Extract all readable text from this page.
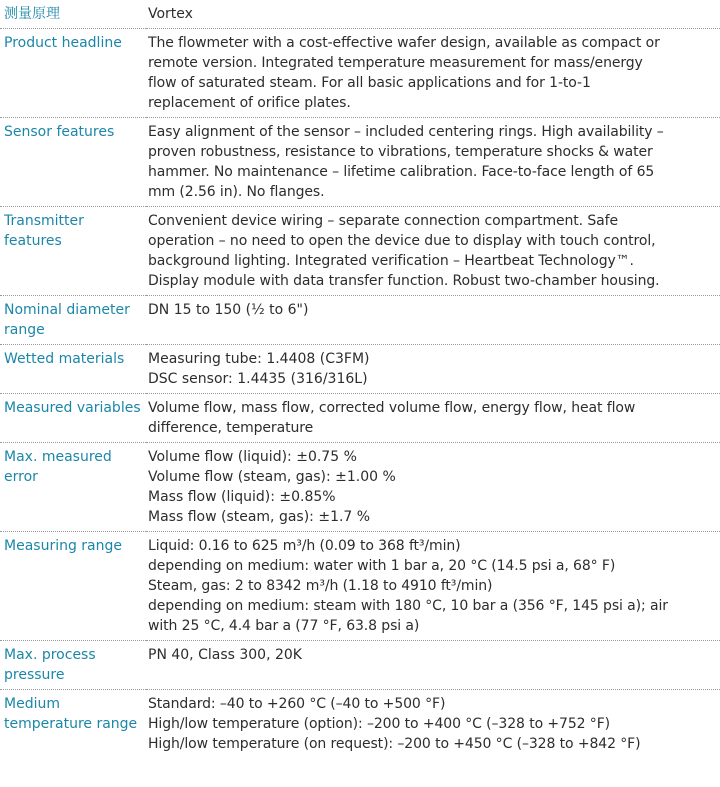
测量原理	Vortex

Product headline	The flowmeter with a cost-effective wafer design, available as compact or
remote version. Integrated temperature measurement for mass/energy
flow of saturated steam. For all basic applications and for 1-to-1
replacement of orifice plates.

Sensor features	Easy alignment of the sensor – included centering rings. High availability –
proven robustness, resistance to vibrations, temperature shocks & water
hammer. No maintenance – lifetime calibration. Face-to-face length of 65
mm (2.56 in). No flanges.

Transmitter features	Convenient device wiring – separate connection compartment. Safe
operation – no need to open the device due to display with touch control,
background lighting. Integrated verification – Heartbeat Technology™.
Display module with data transfer function. Robust two-chamber housing.

Nominal diameter range	DN 15 to 150 (½ to 6")

Wetted materials	Measuring tube: 1.4408 (C3FM)
DSC sensor: 1.4435 (316/316L)

Measured variables	Volume flow, mass flow, corrected volume flow, energy flow, heat flow
difference, temperature

Max. measured error	Volume flow (liquid): ±0.75 %
Volume flow (steam, gas): ±1.00 %
Mass flow (liquid): ±0.85%
Mass flow (steam, gas): ±1.7 %

Measuring range	Liquid: 0.16 to 625 m³/h (0.09 to 368 ft³/min)
depending on medium: water with 1 bar a, 20 °C (14.5 psi a, 68° F)
Steam, gas: 2 to 8342 m³/h (1.18 to 4910 ft³/min)
depending on medium: steam with 180 °C, 10 bar a (356 °F, 145 psi a); air
with 25 °C, 4.4 bar a (77 °F, 63.8 psi a)

Max. process pressure	PN 40, Class 300, 20K

Medium temperature range	Standard: –40 to +260 °C (–40 to +500 °F)
High/low temperature (option): –200 to +400 °C (–328 to +752 °F)
High/low temperature (on request): –200 to +450 °C (–328 to +842 °F)
